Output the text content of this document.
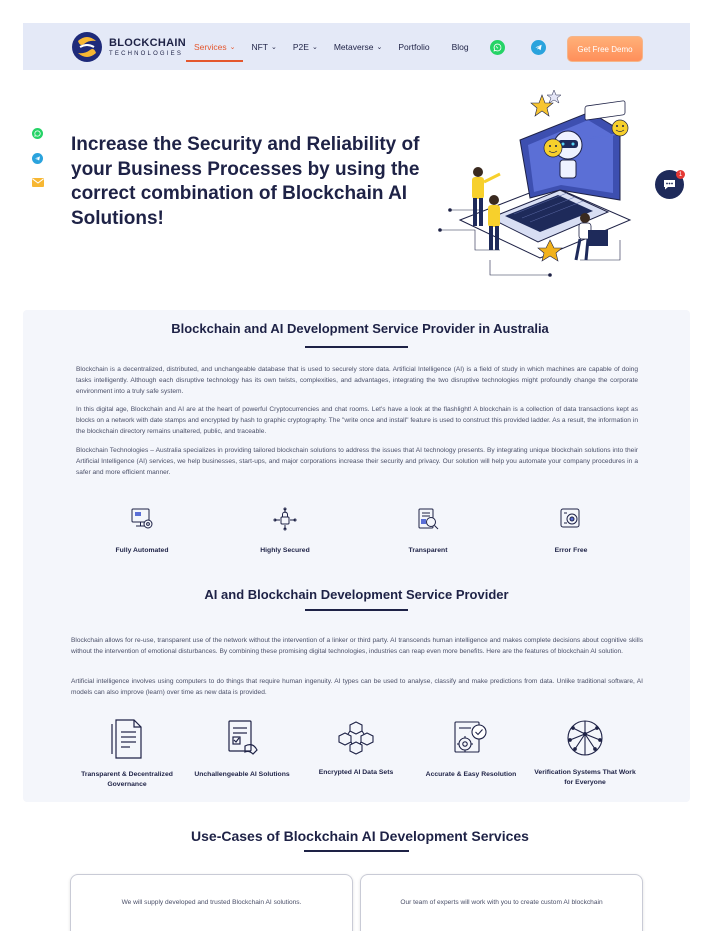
BLOCKCHAIN
TECHNOLOGIES
Services ⌄ NFT ⌄ P2E ⌄ Metaverse ⌄ Portfolio	Blog	Get Free Demo
Increase the Security and Reliability of your Business Processes by using the correct combination of Blockchain AI Solutions!
1
Blockchain and AI Development Service Provider in Australia

Blockchain is a decentralized, distributed, and unchangeable database that is used to securely store data. Artificial Intelligence (AI) is a field of study in which machines are capable of doing tasks intelligently. Although each disruptive technology has its own twists, complexities, and advantages, integrating the two disruptive technologies might profoundly change the corporate environment into a truly safe system.

In this digital age, Blockchain and AI are at the heart of powerful Cryptocurrencies and chat rooms. Let's have a look at the flashlight! A blockchain is a collection of data transactions kept as blocks on a network with date stamps and encrypted by hash to graphic cryptography. The "write once and install" feature is used to construct this provided ladder. As a result, the information in the blockchain directory remains unaltered, public, and traceable.

Blockchain Technologies – Australia specializes in providing tailored blockchain solutions to address the issues that AI technology presents. By integrating unique blockchain solutions into their Artificial Intelligence (AI) services, we help businesses, start-ups, and major corporations increase their security and privacy. Our solution will help you automate your company procedures in a safer and more efficient manner.

Fully Automated	Highly Secured	Transparent	Error Free
AI and Blockchain Development Service Provider

Blockchain allows for re-use, transparent use of the network without the intervention of a linker or third party. AI transcends human intelligence and makes complete decisions about cognitive skills without the intervention of emotional disturbances. By combining these promising digital technologies, industries can reap even more benefits. Here are the features of blockchain AI solution.

Artificial intelligence involves using computers to do things that require human ingenuity. AI types can be used to analyse, classify and make predictions from data. Unlike traditional software, AI models can also improve (learn) over time as new data is provided.

Transparent & Decentralized Governance
Unchallengeable AI Solutions	Encrypted AI Data Sets	Accurate & Easy Resolution	Verification Systems That Work for Everyone
Use-Cases of Blockchain AI Development Services
We will supply developed and trusted Blockchain AI solutions.	Our team of experts will work with you to create custom AI blockchain
